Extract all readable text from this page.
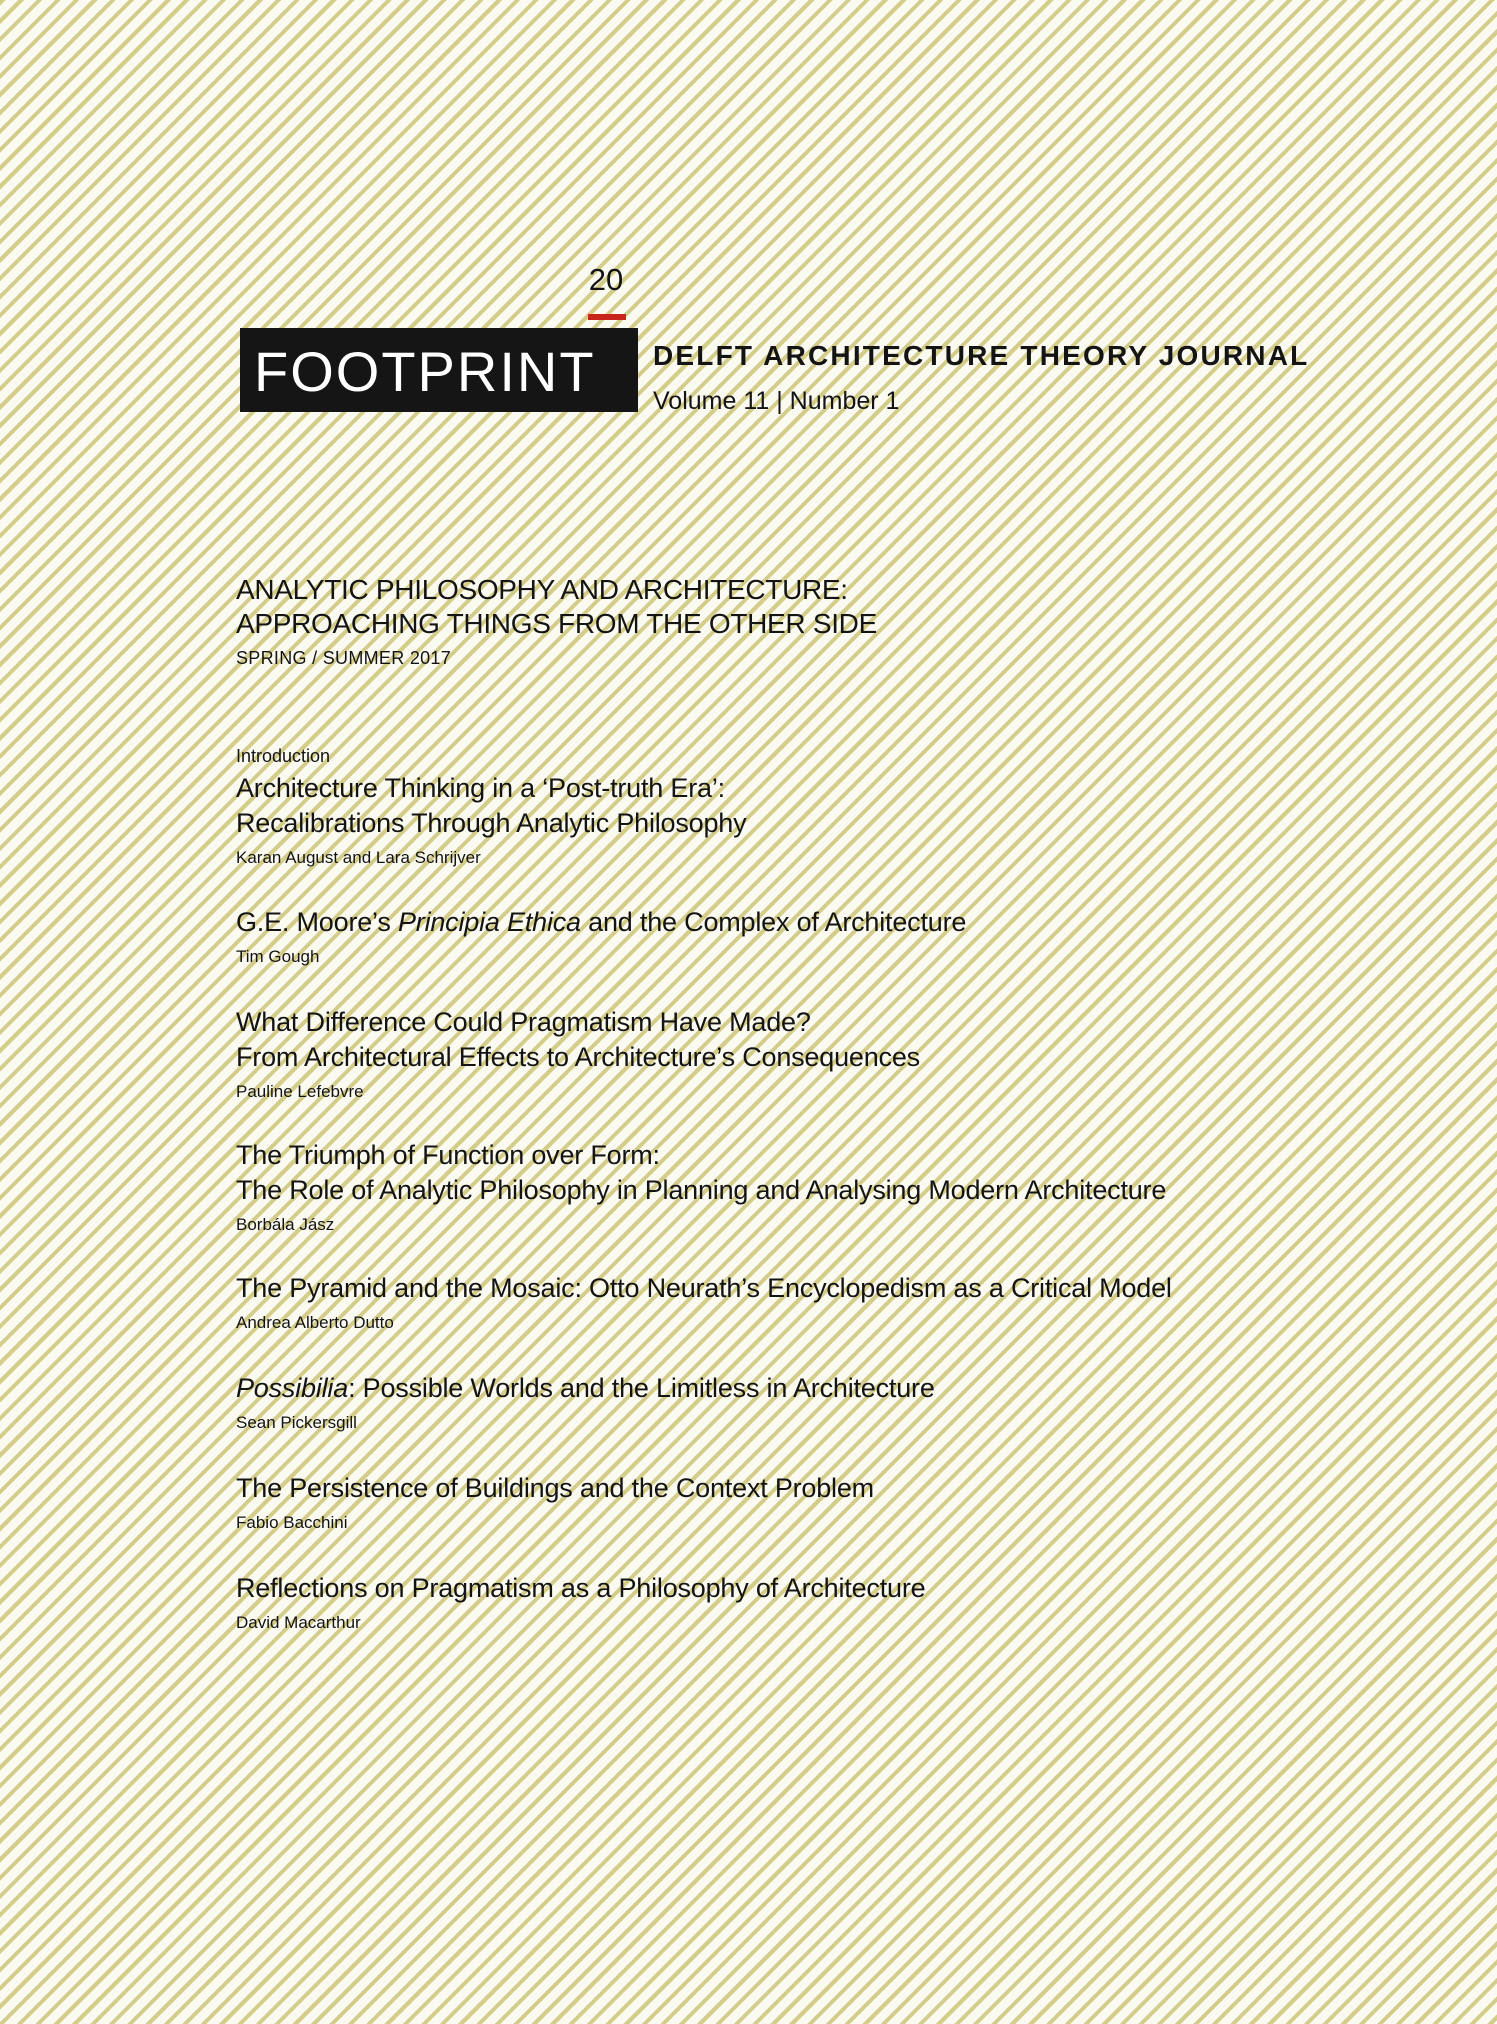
20
FOOTPRINT DELFT ARCHITECTURE THEORY JOURNAL
Volume 11 | Number 1
ANALYTIC PHILOSOPHY AND ARCHITECTURE:
APPROACHING THINGS FROM THE OTHER SIDE
SPRING / SUMMER 2017
Introduction
Architecture Thinking in a ‘Post-truth Era’:
Recalibrations Through Analytic Philosophy
Karan August and Lara Schrijver
G.E. Moore’s Principia Ethica and the Complex of Architecture
Tim Gough
What Difference Could Pragmatism Have Made?
From Architectural Effects to Architecture’s Consequences
Pauline Lefebvre
The Triumph of Function over Form:
The Role of Analytic Philosophy in Planning and Analysing Modern Architecture
Borbála Jász
The Pyramid and the Mosaic: Otto Neurath’s Encyclopedism as a Critical Model
Andrea Alberto Dutto
Possibilia: Possible Worlds and the Limitless in Architecture
Sean Pickersgill
The Persistence of Buildings and the Context Problem
Fabio Bacchini
Reflections on Pragmatism as a Philosophy of Architecture
David Macarthur
